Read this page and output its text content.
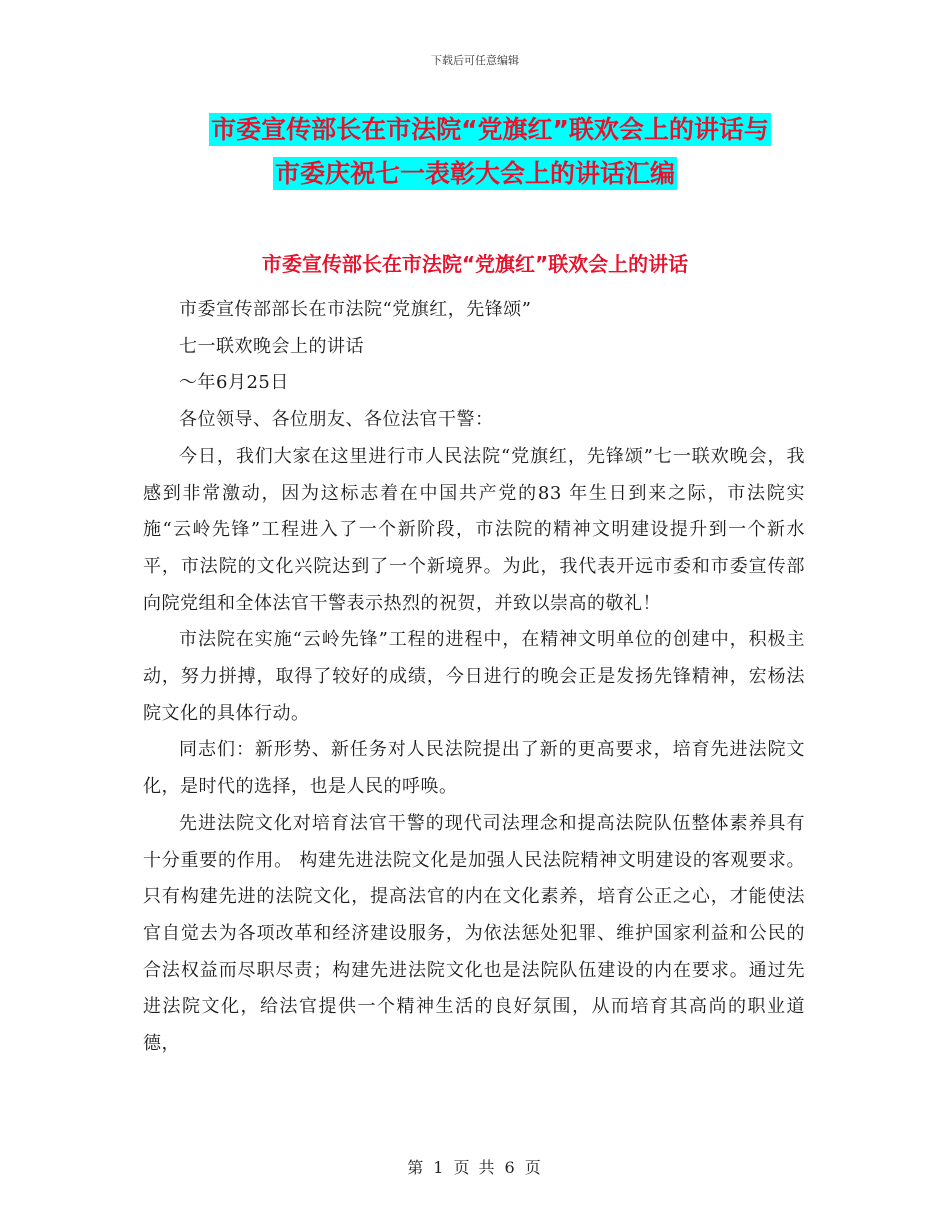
下载后可任意编辑
市委宣传部长在市法院“党旗红”联欢会上的讲话与
市委庆祝七一表彰大会上的讲话汇编
市委宣传部长在市法院“党旗红”联欢会上的讲话

市委宣传部部长在市法院“党旗红，先锋颂”

七一联欢晚会上的讲话

～年6月25日

各位领导、各位朋友、各位法官干警：

今日，我们大家在这里进行市人民法院“党旗红，先锋颂”七一联欢晚会，我感到非常激动，因为这标志着在中国共产党的83 年生日到来之际，市法院实施“云岭先锋”工程进入了一个新阶段，市法院的精神文明建设提升到一个新水平，市法院的文化兴院达到了一个新境界。为此，我代表开远市委和市委宣传部向院党组和全体法官干警表示热烈的祝贺，并致以崇高的敬礼！

市法院在实施“云岭先锋”工程的进程中，在精神文明单位的创建中，积极主动，努力拼搏，取得了较好的成绩，今日进行的晚会正是发扬先锋精神，宏杨法院文化的具体行动。

同志们：新形势、新任务对人民法院提出了新的更高要求，培育先进法院文化，是时代的选择，也是人民的呼唤。

先进法院文化对培育法官干警的现代司法理念和提高法院队伍整体素养具有十分重要的作用。 构建先进法院文化是加强人民法院精神文明建设的客观要求。只有构建先进的法院文化，提高法官的内在文化素养，培育公正之心，才能使法官自觉去为各项改革和经济建设服务，为依法惩处犯罪、维护国家利益和公民的合法权益而尽职尽责；构建先进法院文化也是法院队伍建设的内在要求。通过先进法院文化，给法官提供一个精神生活的良好氛围，从而培育其高尚的职业道德，

第 1 页 共 6 页
